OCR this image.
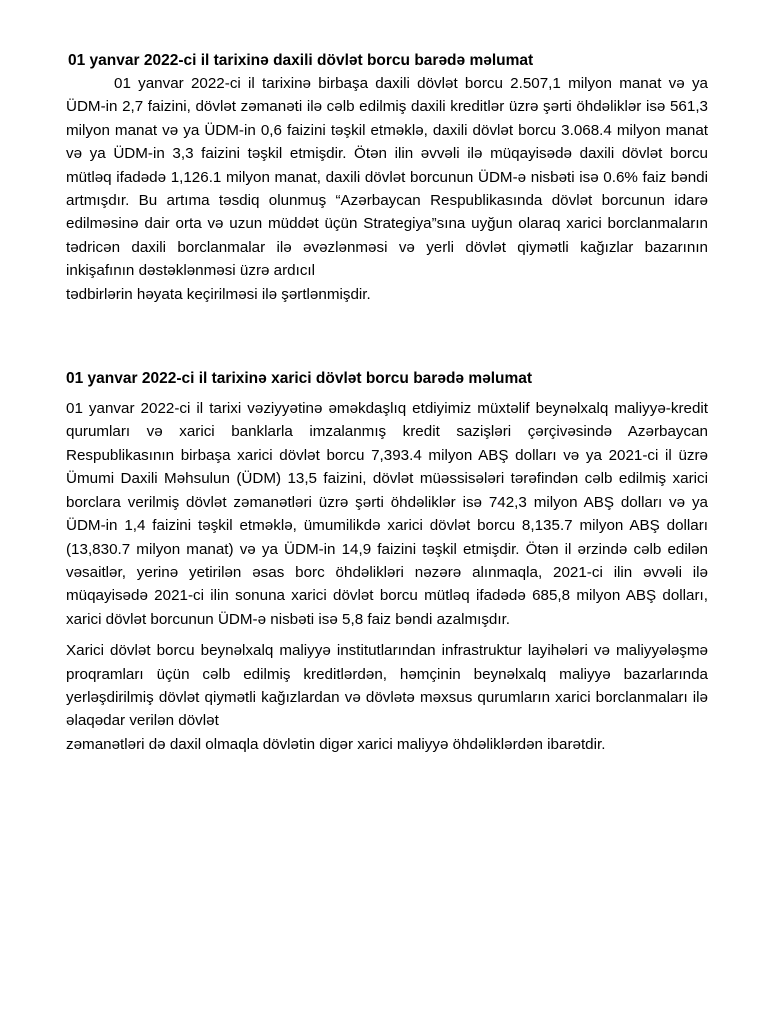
01 yanvar 2022-ci il tarixinə daxili dövlət borcu barədə məlumat

01 yanvar 2022-ci il tarixinə birbaşa daxili dövlət borcu 2.507,1 milyon manat və ya ÜDM-in 2,7 faizini, dövlət zəmanəti ilə cəlb edilmiş daxili kreditlər üzrə şərti öhdəliklər isə 561,3 milyon manat və ya ÜDM-in 0,6 faizini təşkil etməklə, daxili dövlət borcu 3.068.4 milyon manat və ya ÜDM-in 3,3 faizini təşkil etmişdir. Ötən ilin əvvəli ilə müqayisədə daxili dövlət borcu mütləq ifadədə 1,126.1 milyon manat, daxili dövlət borcunun ÜDM-ə nisbəti isə 0.6% faiz bəndi artmışdır. Bu artıma təsdiq olunmuş “Azərbaycan Respublikasında dövlət borcunun idarə edilməsinə dair orta və uzun müddət üçün Strategiya”sına uyğun olaraq xarici borclanmaların tədricən daxili borclanmalar ilə əvəzlənməsi və yerli dövlət qiymətli kağızlar bazarının inkişafının dəstəklənməsi üzrə ardıcıl

tədbirlərin həyata keçirilməsi ilə şərtlənmişdir.

01 yanvar 2022-ci il tarixinə xarici dövlət borcu barədə məlumat

01 yanvar 2022-ci il tarixi vəziyyətinə əməkdaşlıq etdiyimiz müxtəlif beynəlxalq maliyyə-kredit qurumları və xarici banklarla imzalanmış kredit sazişləri çərçivəsində Azərbaycan Respublikasının birbaşa xarici dövlət borcu 7,393.4 milyon ABŞ dolları və ya 2021-ci il üzrə Ümumi Daxili Məhsulun (ÜDM) 13,5 faizini, dövlət müəssisələri tərəfindən cəlb edilmiş xarici borclara verilmiş dövlət zəmanətləri üzrə şərti öhdəliklər isə 742,3 milyon ABŞ dolları və ya ÜDM-in 1,4 faizini təşkil etməklə, ümumilikdə xarici dövlət borcu 8,135.7 milyon ABŞ dolları (13,830.7 milyon manat) və ya ÜDM-in 14,9 faizini təşkil etmişdir. Ötən il ərzində cəlb edilən vəsaitlər, yerinə yetirilən əsas borc öhdəlikləri nəzərə alınmaqla, 2021-ci ilin əvvəli ilə müqayisədə 2021-ci ilin sonuna xarici dövlət borcu mütləq ifadədə 685,8 milyon ABŞ dolları, xarici dövlət borcunun ÜDM-ə nisbəti isə 5,8 faiz bəndi azalmışdır.

Xarici dövlət borcu beynəlxalq maliyyə institutlarından infrastruktur layihələri və maliyyələşmə proqramları üçün cəlb edilmiş kreditlərdən, həmçinin beynəlxalq maliyyə bazarlarında yerləşdirilmiş dövlət qiymətli kağızlardan və dövlətə məxsus qurumların xarici borclanmaları ilə əlaqədar verilən dövlət

zəmanətləri də daxil olmaqla dövlətin digər xarici maliyyə öhdəliklərdən ibarətdir.
